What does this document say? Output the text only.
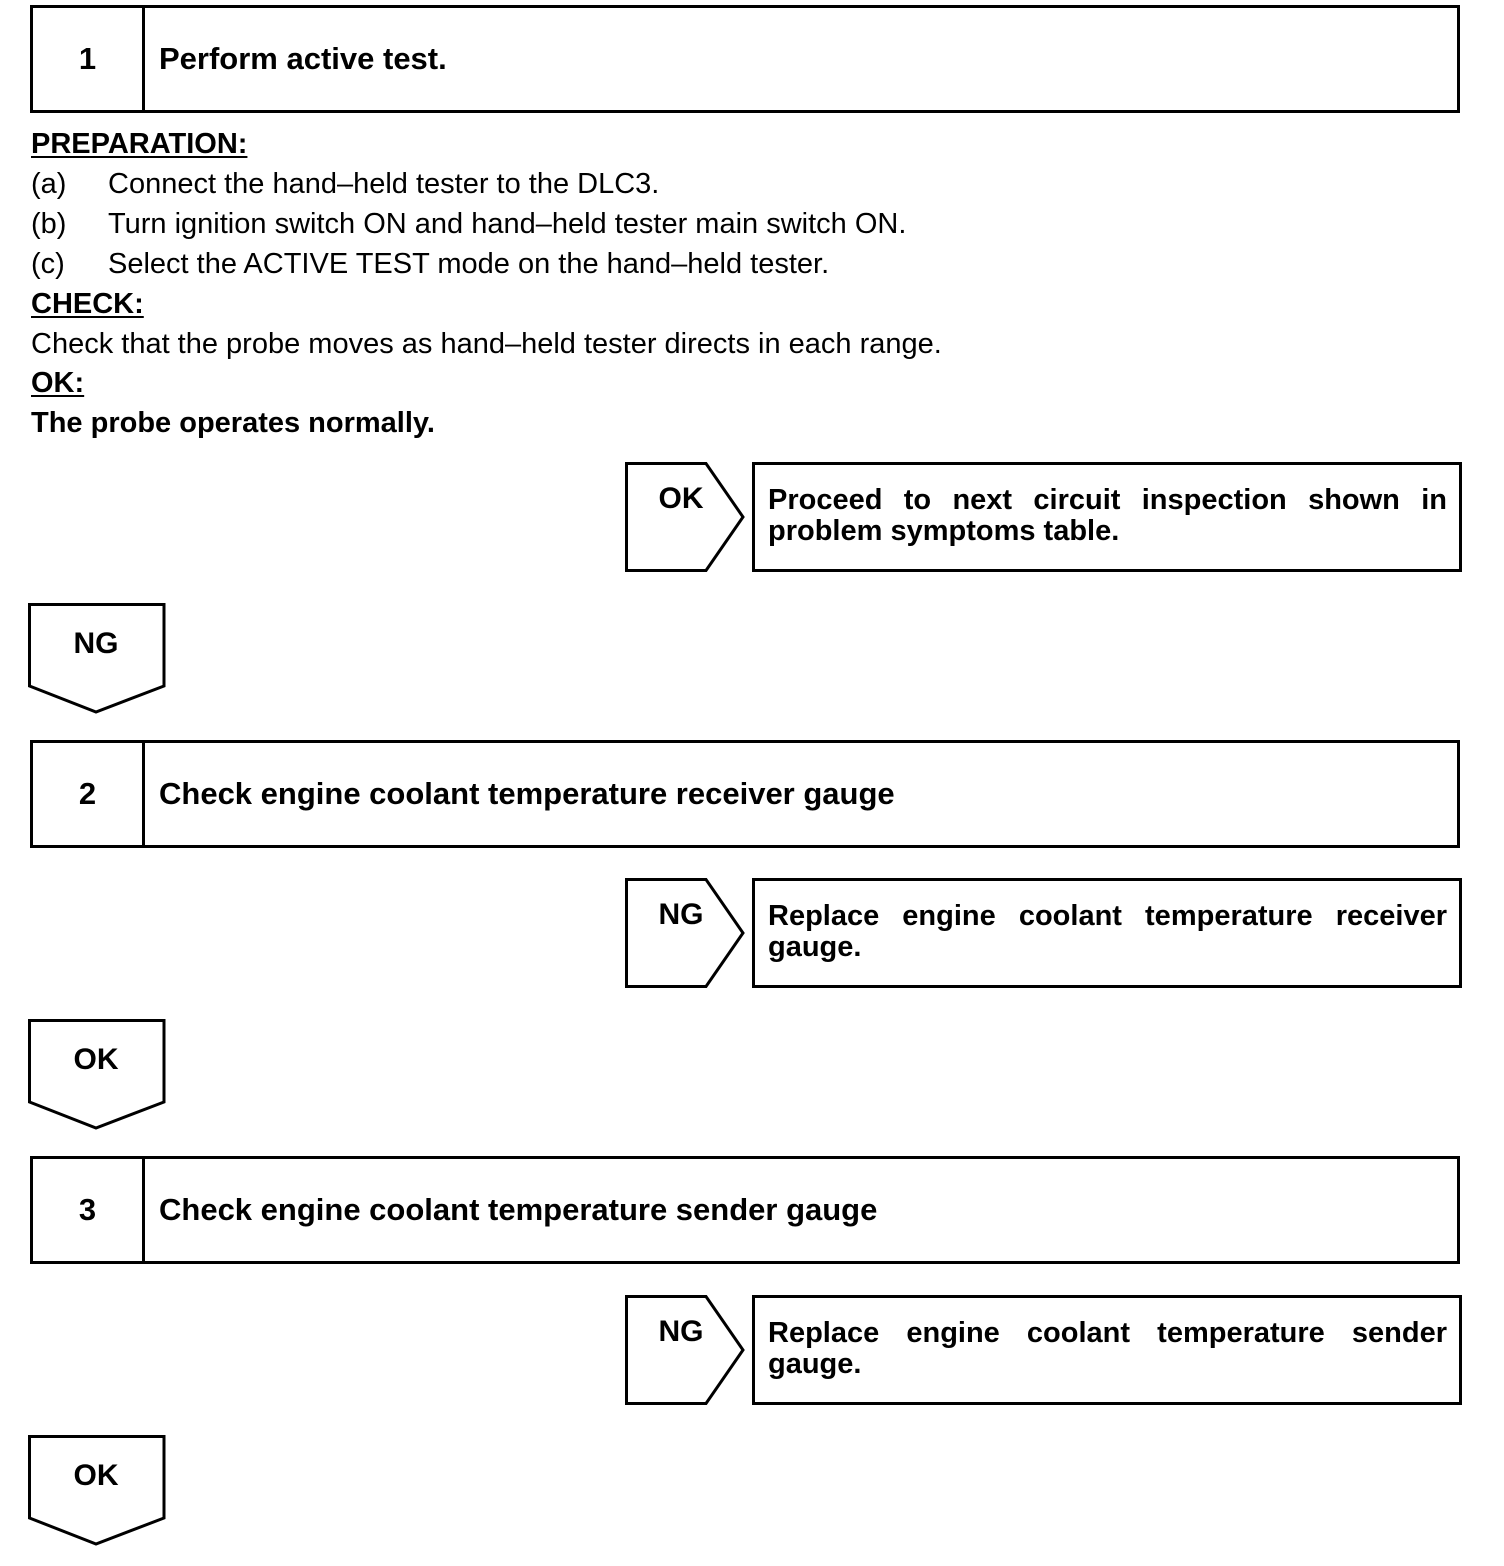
1	Perform active test.
PREPARATION:
(a) Connect the hand–held tester to the DLC3.
(b) Turn ignition switch ON and hand–held tester main switch ON.
(c) Select the ACTIVE TEST mode on the hand–held tester.
CHECK:
Check that the probe moves as hand–held tester directs in each range.
OK:
The probe operates normally.
OK	Proceed to next circuit inspection shown in problem symptoms table.
NG
2	Check engine coolant temperature receiver gauge
NG	Replace engine coolant temperature receiver gauge.
OK
3	Check engine coolant temperature sender gauge
NG	Replace engine coolant temperature sender gauge.
OK
